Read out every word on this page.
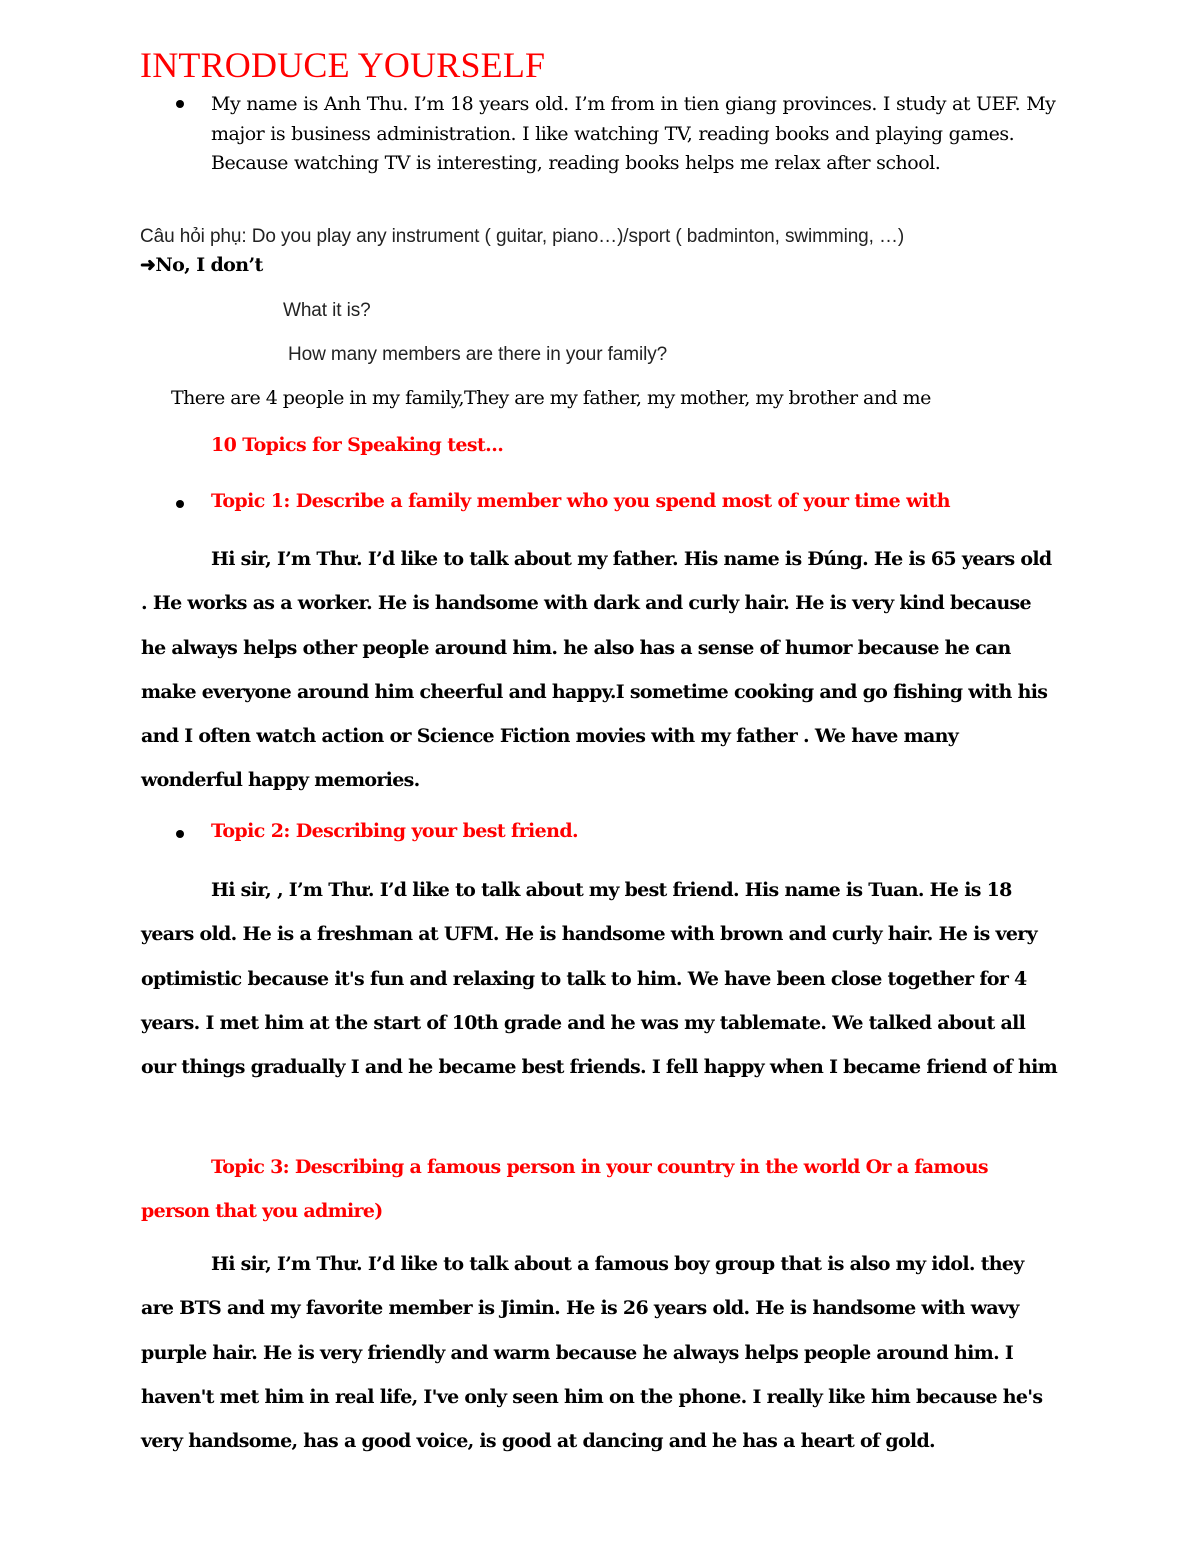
INTRODUCE YOURSELF
My name is Anh Thu. I’m 18 years old. I’m from in tien giang provinces. I study at UEF. My major is business administration. I like watching TV, reading books and playing games. Because watching TV is interesting, reading books helps me relax after school.
Câu hỏi phụ: Do you play any instrument ( guitar, piano…)/sport ( badminton, swimming, …)
➜No, I don’t
What it is?
How many members are there in your family?
There are 4 people in my family,They are my father, my mother, my brother and me
10 Topics for Speaking test...
Topic 1: Describe a family member who you spend most of your time with
Hi sir, I’m Thư. I’d like to talk about my father. His name is Đúng. He is 65 years old . He works as a worker. He is handsome with dark and curly hair. He is very kind because he always helps other people around him. he also has a sense of humor because he can make everyone around him cheerful and happy.I sometime cooking and go fishing with his and I often watch action or Science Fiction movies with my father . We have many wonderful happy memories.
Topic 2: Describing your best friend.
Hi sir, , I’m Thư. I’d like to talk about my best friend. His name is Tuan. He is 18 years old. He is a freshman at UFM. He is handsome with brown and curly hair. He is very optimistic because it's fun and relaxing to talk to him. We have been close together for 4 years. I met him at the start of 10th grade and he was my tablemate. We talked about all our things gradually I and he became best friends. I fell happy when I became friend of him
Topic 3: Describing a famous person in your country in the world Or a famous person that you admire)
Hi sir, I’m Thư. I’d like to talk about a famous boy group that is also my idol. they are BTS and my favorite member is Jimin. He is 26 years old. He is handsome with wavy purple hair. He is very friendly and warm because he always helps people around him. I haven't met him in real life, I've only seen him on the phone. I really like him because he's very handsome, has a good voice, is good at dancing and he has a heart of gold.
